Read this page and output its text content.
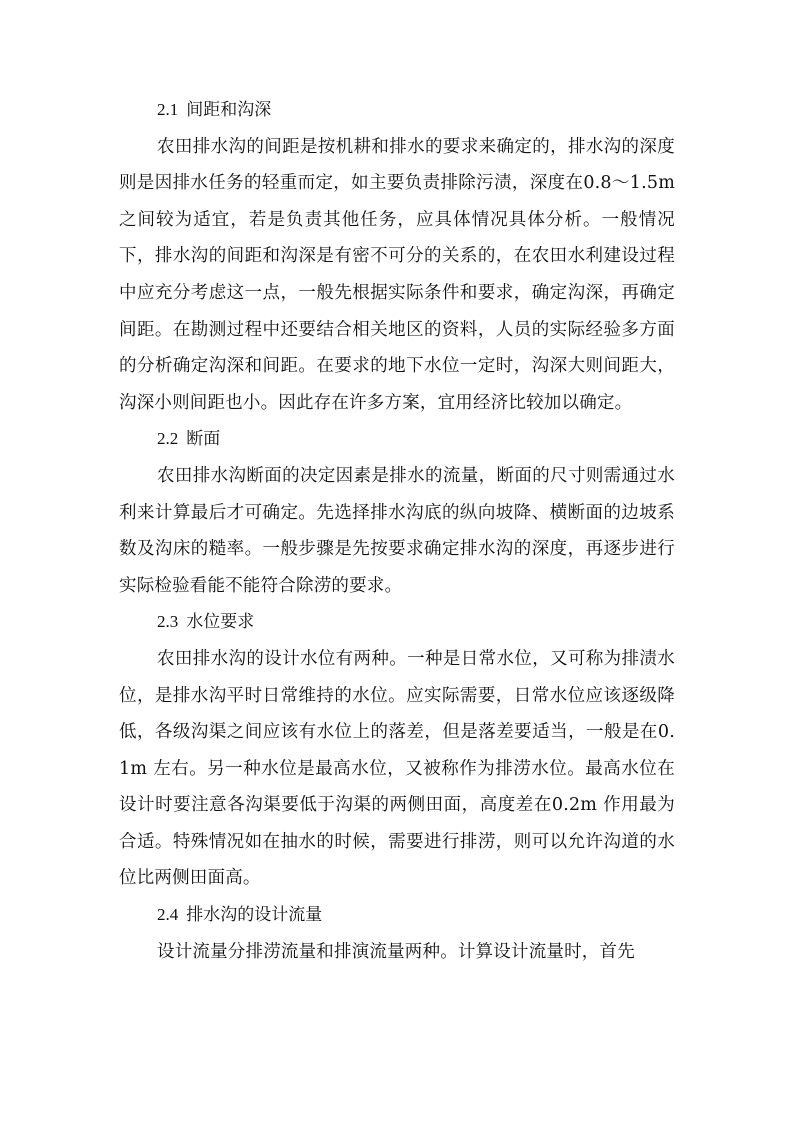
2.1 间距和沟深

农田排水沟的间距是按机耕和排水的要求来确定的，排水沟的深度则是因排水任务的轻重而定，如主要负责排除污渍，深度在0.8～1.5m 之间较为适宜，若是负责其他任务，应具体情况具体分析。一般情况下，排水沟的间距和沟深是有密不可分的关系的，在农田水利建设过程中应充分考虑这一点，一般先根据实际条件和要求，确定沟深，再确定间距。在勘测过程中还要结合相关地区的资料，人员的实际经验多方面的分析确定沟深和间距。在要求的地下水位一定时，沟深大则间距大，沟深小则间距也小。因此存在许多方案，宜用经济比较加以确定。

2.2 断面

农田排水沟断面的决定因素是排水的流量，断面的尺寸则需通过水利来计算最后才可确定。先选择排水沟底的纵向坡降、横断面的边坡系数及沟床的糙率。一般步骤是先按要求确定排水沟的深度，再逐步进行实际检验看能不能符合除涝的要求。

2.3 水位要求

农田排水沟的设计水位有两种。一种是日常水位，又可称为排渍水位，是排水沟平时日常维持的水位。应实际需要，日常水位应该逐级降低，各级沟渠之间应该有水位上的落差，但是落差要适当，一般是在0.1m 左右。另一种水位是最高水位，又被称作为排涝水位。最高水位在设计时要注意各沟渠要低于沟渠的两侧田面，高度差在0.2m 作用最为合适。特殊情况如在抽水的时候，需要进行排涝，则可以允许沟道的水位比两侧田面高。

2.4 排水沟的设计流量

设计流量分排涝流量和排演流量两种。计算设计流量时，首先
